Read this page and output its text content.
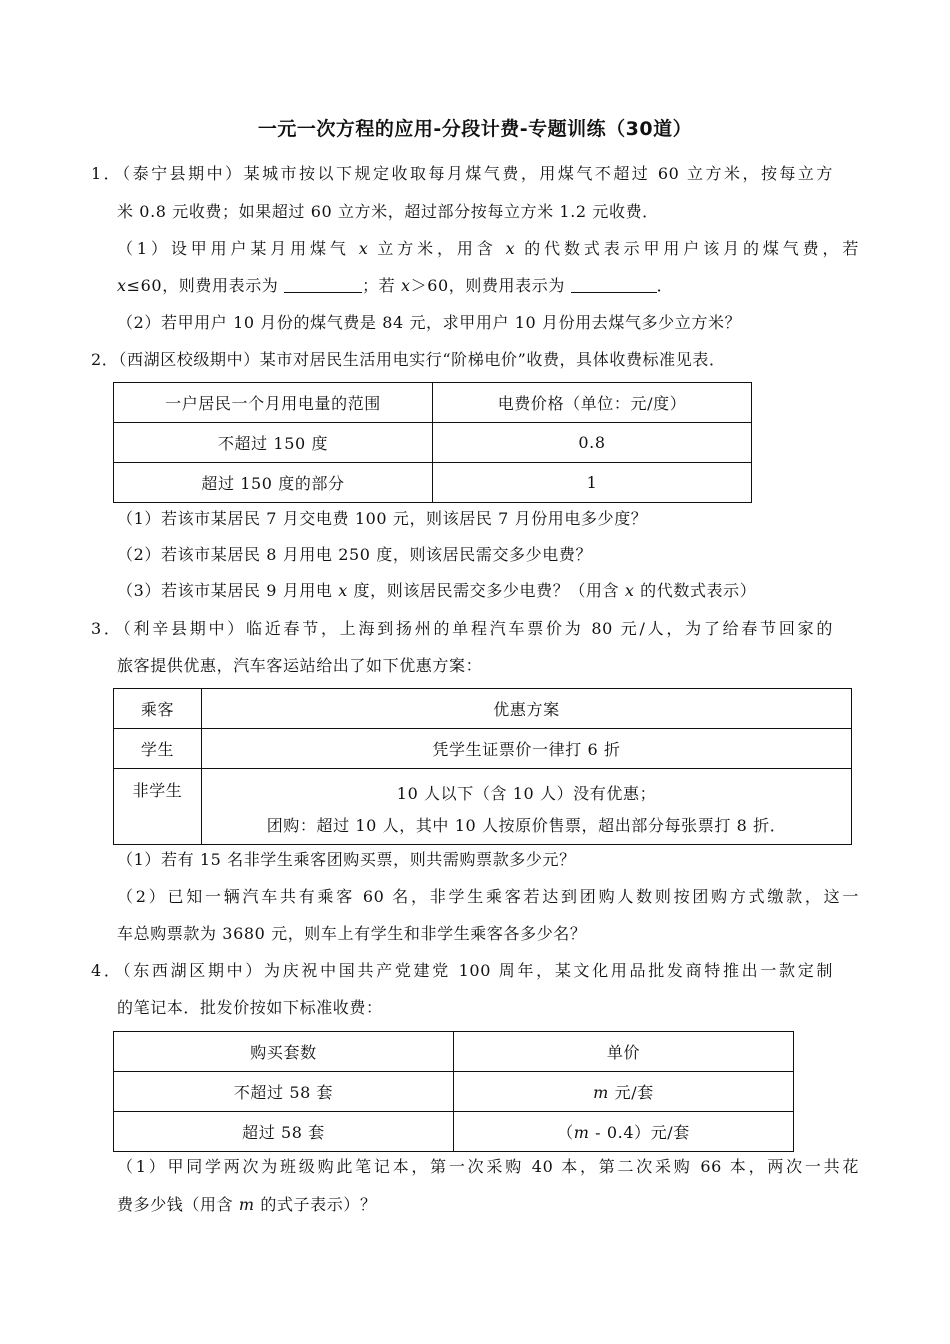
一元一次方程的应用-分段计费-专题训练（30道）
1．（泰宁县期中）某城市按以下规定收取每月煤气费，用煤气不超过 60 立方米，按每立方
米 0.8 元收费；如果超过 60 立方米，超过部分按每立方米 1.2 元收费．
（1）设甲用户某月用煤气 x 立方米，用含 x 的代数式表示甲用户该月的煤气费，若
x≤60，则费用表示为	；若 x＞60，则费用表示为	．
（2）若甲用户 10 月份的煤气费是 84 元，求甲用户 10 月份用去煤气多少立方米？
2．（西湖区校级期中）某市对居民生活用电实行“阶梯电价”收费，具体收费标准见表．
一户居民一个月用电量的范围	电费价格（单位：元/度）
不超过 150 度	0.8
超过 150 度的部分	1
（1）若该市某居民 7 月交电费 100 元，则该居民 7 月份用电多少度？
（2）若该市某居民 8 月用电 250 度，则该居民需交多少电费？
（3）若该市某居民 9 月用电 x 度，则该居民需交多少电费？（用含 x 的代数式表示）
3．（利辛县期中）临近春节，上海到扬州的单程汽车票价为 80 元/人，为了给春节回家的
旅客提供优惠，汽车客运站给出了如下优惠方案：
乘客	优惠方案
学生	凭学生证票价一律打 6 折
非学生	10 人以下（含 10 人）没有优惠；
团购：超过 10 人，其中 10 人按原价售票，超出部分每张票打 8 折．
（1）若有 15 名非学生乘客团购买票，则共需购票款多少元？
（2）已知一辆汽车共有乘客 60 名，非学生乘客若达到团购人数则按团购方式缴款，这一
车总购票款为 3680 元，则车上有学生和非学生乘客各多少名？
4．（东西湖区期中）为庆祝中国共产党建党 100 周年，某文化用品批发商特推出一款定制
的笔记本．批发价按如下标准收费：
购买套数	单价
不超过 58 套	m 元/套
超过 58 套	（m - 0.4）元/套
（1）甲同学两次为班级购此笔记本，第一次采购 40 本，第二次采购 66 本，两次一共花
费多少钱（用含 m 的式子表示）？
